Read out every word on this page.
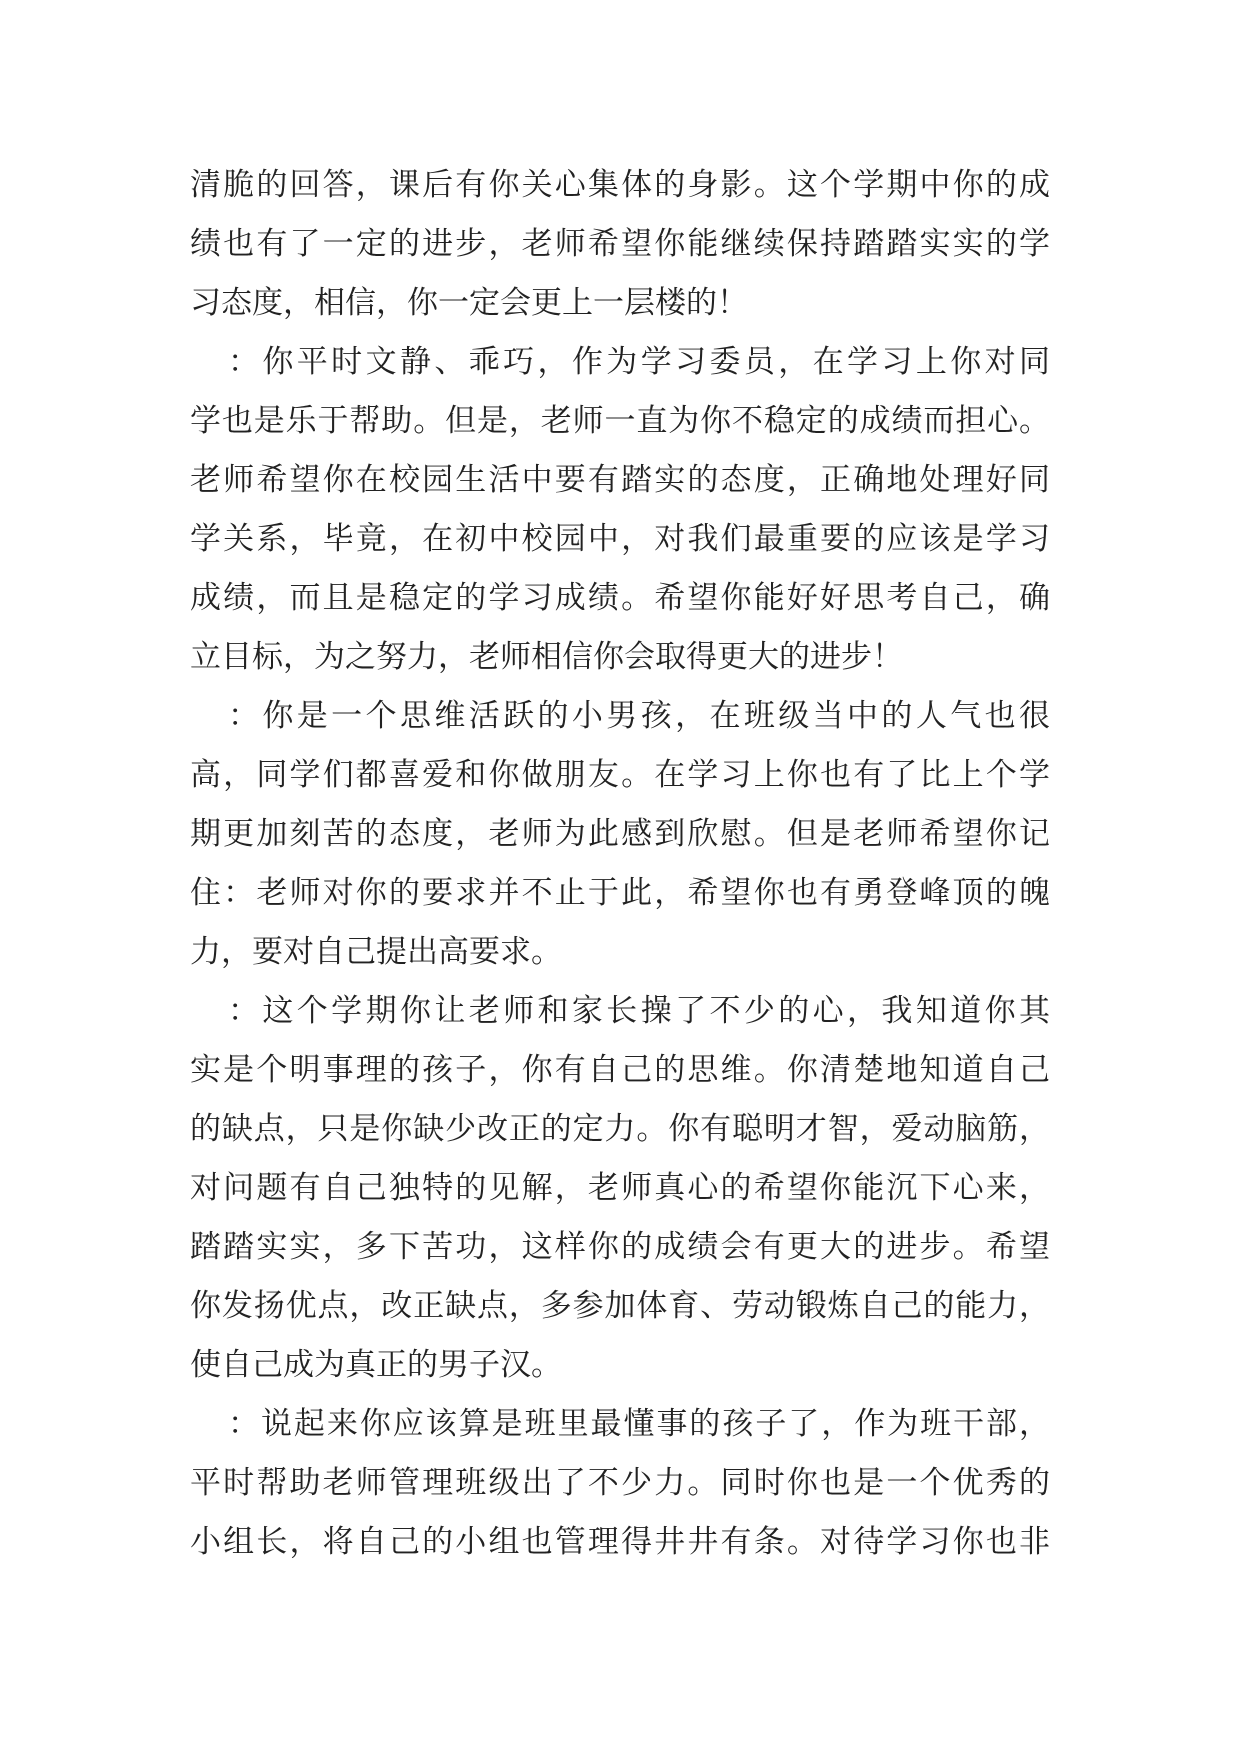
清脆的回答，课后有你关心集体的身影。这个学期中你的成
绩也有了一定的进步，老师希望你能继续保持踏踏实实的学
习态度，相信，你一定会更上一层楼的！
：你平时文静、乖巧，作为学习委员，在学习上你对同
学也是乐于帮助。但是，老师一直为你不稳定的成绩而担心。
老师希望你在校园生活中要有踏实的态度，正确地处理好同
学关系，毕竟，在初中校园中，对我们最重要的应该是学习
成绩，而且是稳定的学习成绩。希望你能好好思考自己，确
立目标，为之努力，老师相信你会取得更大的进步！
：你是一个思维活跃的小男孩，在班级当中的人气也很
高，同学们都喜爱和你做朋友。在学习上你也有了比上个学
期更加刻苦的态度，老师为此感到欣慰。但是老师希望你记
住：老师对你的要求并不止于此，希望你也有勇登峰顶的魄
力，要对自己提出高要求。
：这个学期你让老师和家长操了不少的心，我知道你其
实是个明事理的孩子，你有自己的思维。你清楚地知道自己
的缺点，只是你缺少改正的定力。你有聪明才智，爱动脑筋，
对问题有自己独特的见解，老师真心的希望你能沉下心来，
踏踏实实，多下苦功，这样你的成绩会有更大的进步。希望
你发扬优点，改正缺点，多参加体育、劳动锻炼自己的能力，
使自己成为真正的男子汉。
：说起来你应该算是班里最懂事的孩子了，作为班干部，
平时帮助老师管理班级出了不少力。同时你也是一个优秀的
小组长，将自己的小组也管理得井井有条。对待学习你也非
